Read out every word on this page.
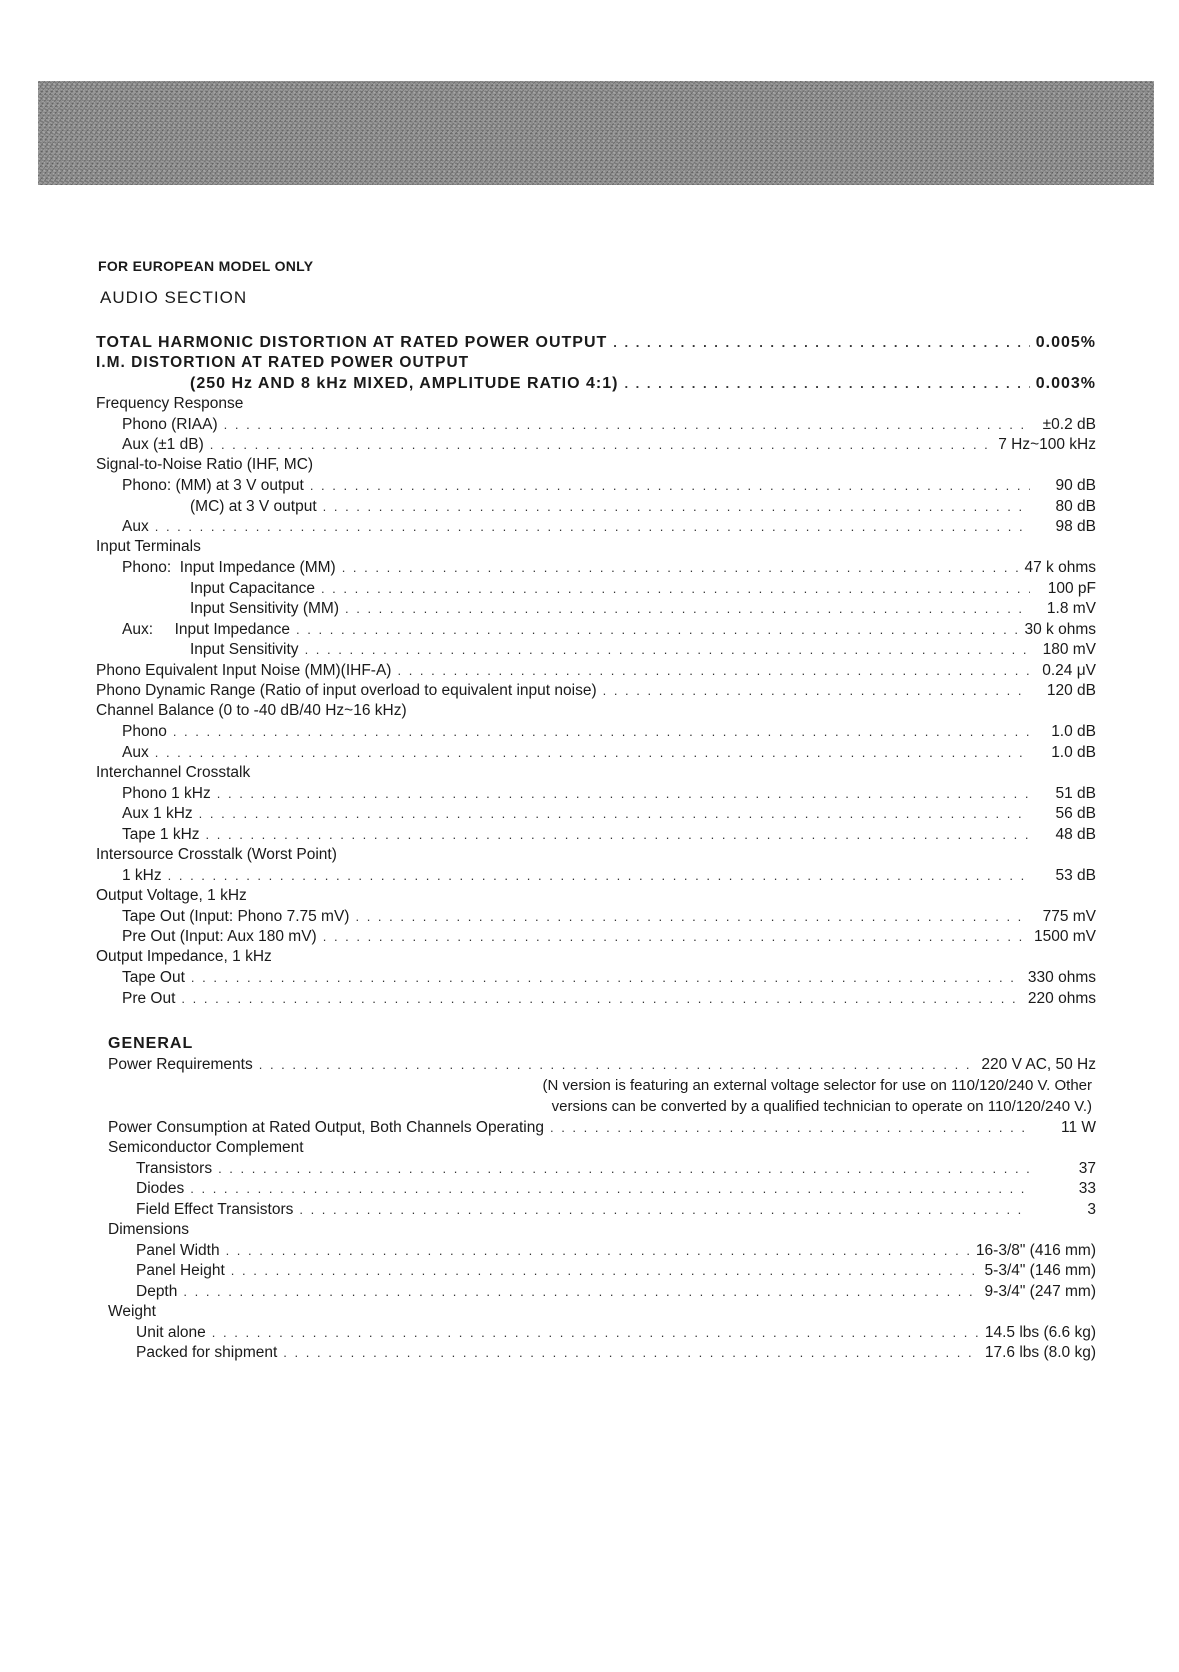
FOR EUROPEAN MODEL ONLY
AUDIO SECTION
TOTAL HARMONIC DISTORTION AT RATED POWER OUTPUT . . .	0.005%
I.M. DISTORTION AT RATED POWER OUTPUT
(250 Hz AND 8 kHz MIXED, AMPLITUDE RATIO 4:1) . . .	0.003%
Frequency Response
Phono (RIAA) . . .	±0.2 dB
Aux (±1 dB) . . .	7 Hz~100 kHz
Signal-to-Noise Ratio (IHF, MC)
Phono: (MM) at 3 V output . . .	90 dB
(MC) at 3 V output . . .	80 dB
Aux . . .	98 dB
Input Terminals
Phono: Input Impedance (MM) . . .	47 k ohms
Input Capacitance . . .	100 pF
Input Sensitivity (MM) . . .	1.8 mV
Aux: Input Impedance . . .	30 k ohms
Input Sensitivity . . .	180 mV
Phono Equivalent Input Noise (MM)(IHF-A) . . .	0.24 μV
Phono Dynamic Range (Ratio of input overload to equivalent input noise) . . .	120 dB
Channel Balance (0 to -40 dB/40 Hz~16 kHz)
Phono . . .	1.0 dB
Aux . . .	1.0 dB
Interchannel Crosstalk
Phono 1 kHz . . .	51 dB
Aux 1 kHz . . .	56 dB
Tape 1 kHz . . .	48 dB
Intersource Crosstalk (Worst Point)
1 kHz . . .	53 dB
Output Voltage, 1 kHz
Tape Out (Input: Phono 7.75 mV) . . .	775 mV
Pre Out (Input: Aux 180 mV) . . .	1500 mV
Output Impedance, 1 kHz
Tape Out . . .	330 ohms
Pre Out . . .	220 ohms
GENERAL
Power Requirements . . .	220 V AC, 50 Hz
(N version is featuring an external voltage selector for use on 110/120/240 V. Other
versions can be converted by a qualified technician to operate on 110/120/240 V.)
Power Consumption at Rated Output, Both Channels Operating . . .	11 W
Semiconductor Complement
Transistors . . .	37
Diodes . . .	33
Field Effect Transistors . . .	3
Dimensions
Panel Width . . .	16-3/8" (416 mm)
Panel Height . . .	5-3/4" (146 mm)
Depth . . .	9-3/4" (247 mm)
Weight
Unit alone . . .	14.5 lbs (6.6 kg)
Packed for shipment . . .	17.6 lbs (8.0 kg)
